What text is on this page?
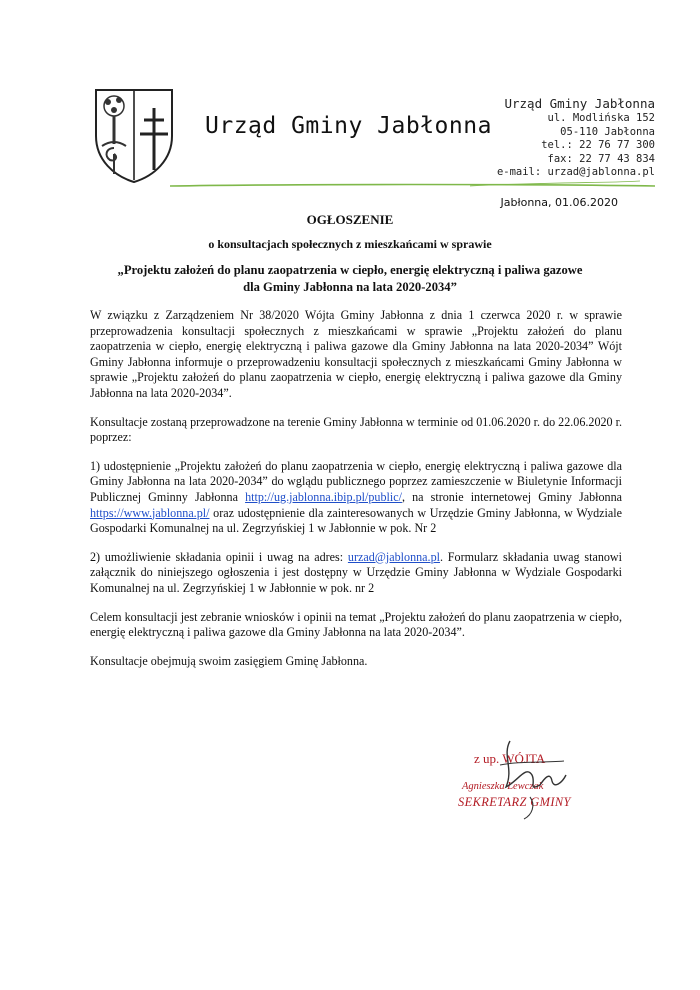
Urząd Gminy Jabłonna
Urząd Gminy Jabłonna
ul. Modlińska 152
05-110 Jabłonna
tel.: 22 76 77 300
fax: 22 77 43 834
e-mail: urzad@jablonna.pl
Jabłonna, 01.06.2020
OGŁOSZENIE
o konsultacjach społecznych z mieszkańcami w sprawie
„Projektu założeń do planu zaopatrzenia w ciepło, energię elektryczną i paliwa gazowe
dla Gminy Jabłonna na lata 2020-2034”

W związku z Zarządzeniem Nr 38/2020 Wójta Gminy Jabłonna z dnia 1 czerwca 2020 r. w sprawie przeprowadzenia konsultacji społecznych z mieszkańcami w sprawie „Projektu założeń do planu zaopatrzenia w ciepło, energię elektryczną i paliwa gazowe dla Gminy Jabłonna na lata 2020-2034” Wójt Gminy Jabłonna informuje o przeprowadzeniu konsultacji społecznych z mieszkańcami Gminy Jabłonna w sprawie „Projektu założeń do planu zaopatrzenia w ciepło, energię elektryczną i paliwa gazowe dla Gminy Jabłonna na lata 2020-2034”.

Konsultacje zostaną przeprowadzone na terenie Gminy Jabłonna w terminie od 01.06.2020 r. do 22.06.2020 r. poprzez:

1) udostępnienie „Projektu założeń do planu zaopatrzenia w ciepło, energię elektryczną i paliwa gazowe dla Gminy Jabłonna na lata 2020-2034” do wglądu publicznego poprzez zamieszczenie w Biuletynie Informacji Publicznej Gminny Jabłonna http://ug.jablonna.ibip.pl/public/, na stronie internetowej Gminy Jabłonna https://www.jablonna.pl/ oraz udostępnienie dla zainteresowanych w Urzędzie Gminy Jabłonna, w Wydziale Gospodarki Komunalnej na ul. Zegrzyńskiej 1 w Jabłonnie w pok. Nr 2

2) umożliwienie składania opinii i uwag na adres: urzad@jablonna.pl. Formularz składania uwag stanowi załącznik do niniejszego ogłoszenia i jest dostępny w Urzędzie Gminy Jabłonna w Wydziale Gospodarki Komunalnej na ul. Zegrzyńskiej 1 w Jabłonnie w pok. nr 2

Celem konsultacji jest zebranie wniosków i opinii na temat „Projektu założeń do planu zaopatrzenia w ciepło, energię elektryczną i paliwa gazowe dla Gminy Jabłonna na lata 2020-2034”.

Konsultacje obejmują swoim zasięgiem Gminę Jabłonna.

z up. WÓJTA
Agnieszka Lewczak
SEKRETARZ GMINY
